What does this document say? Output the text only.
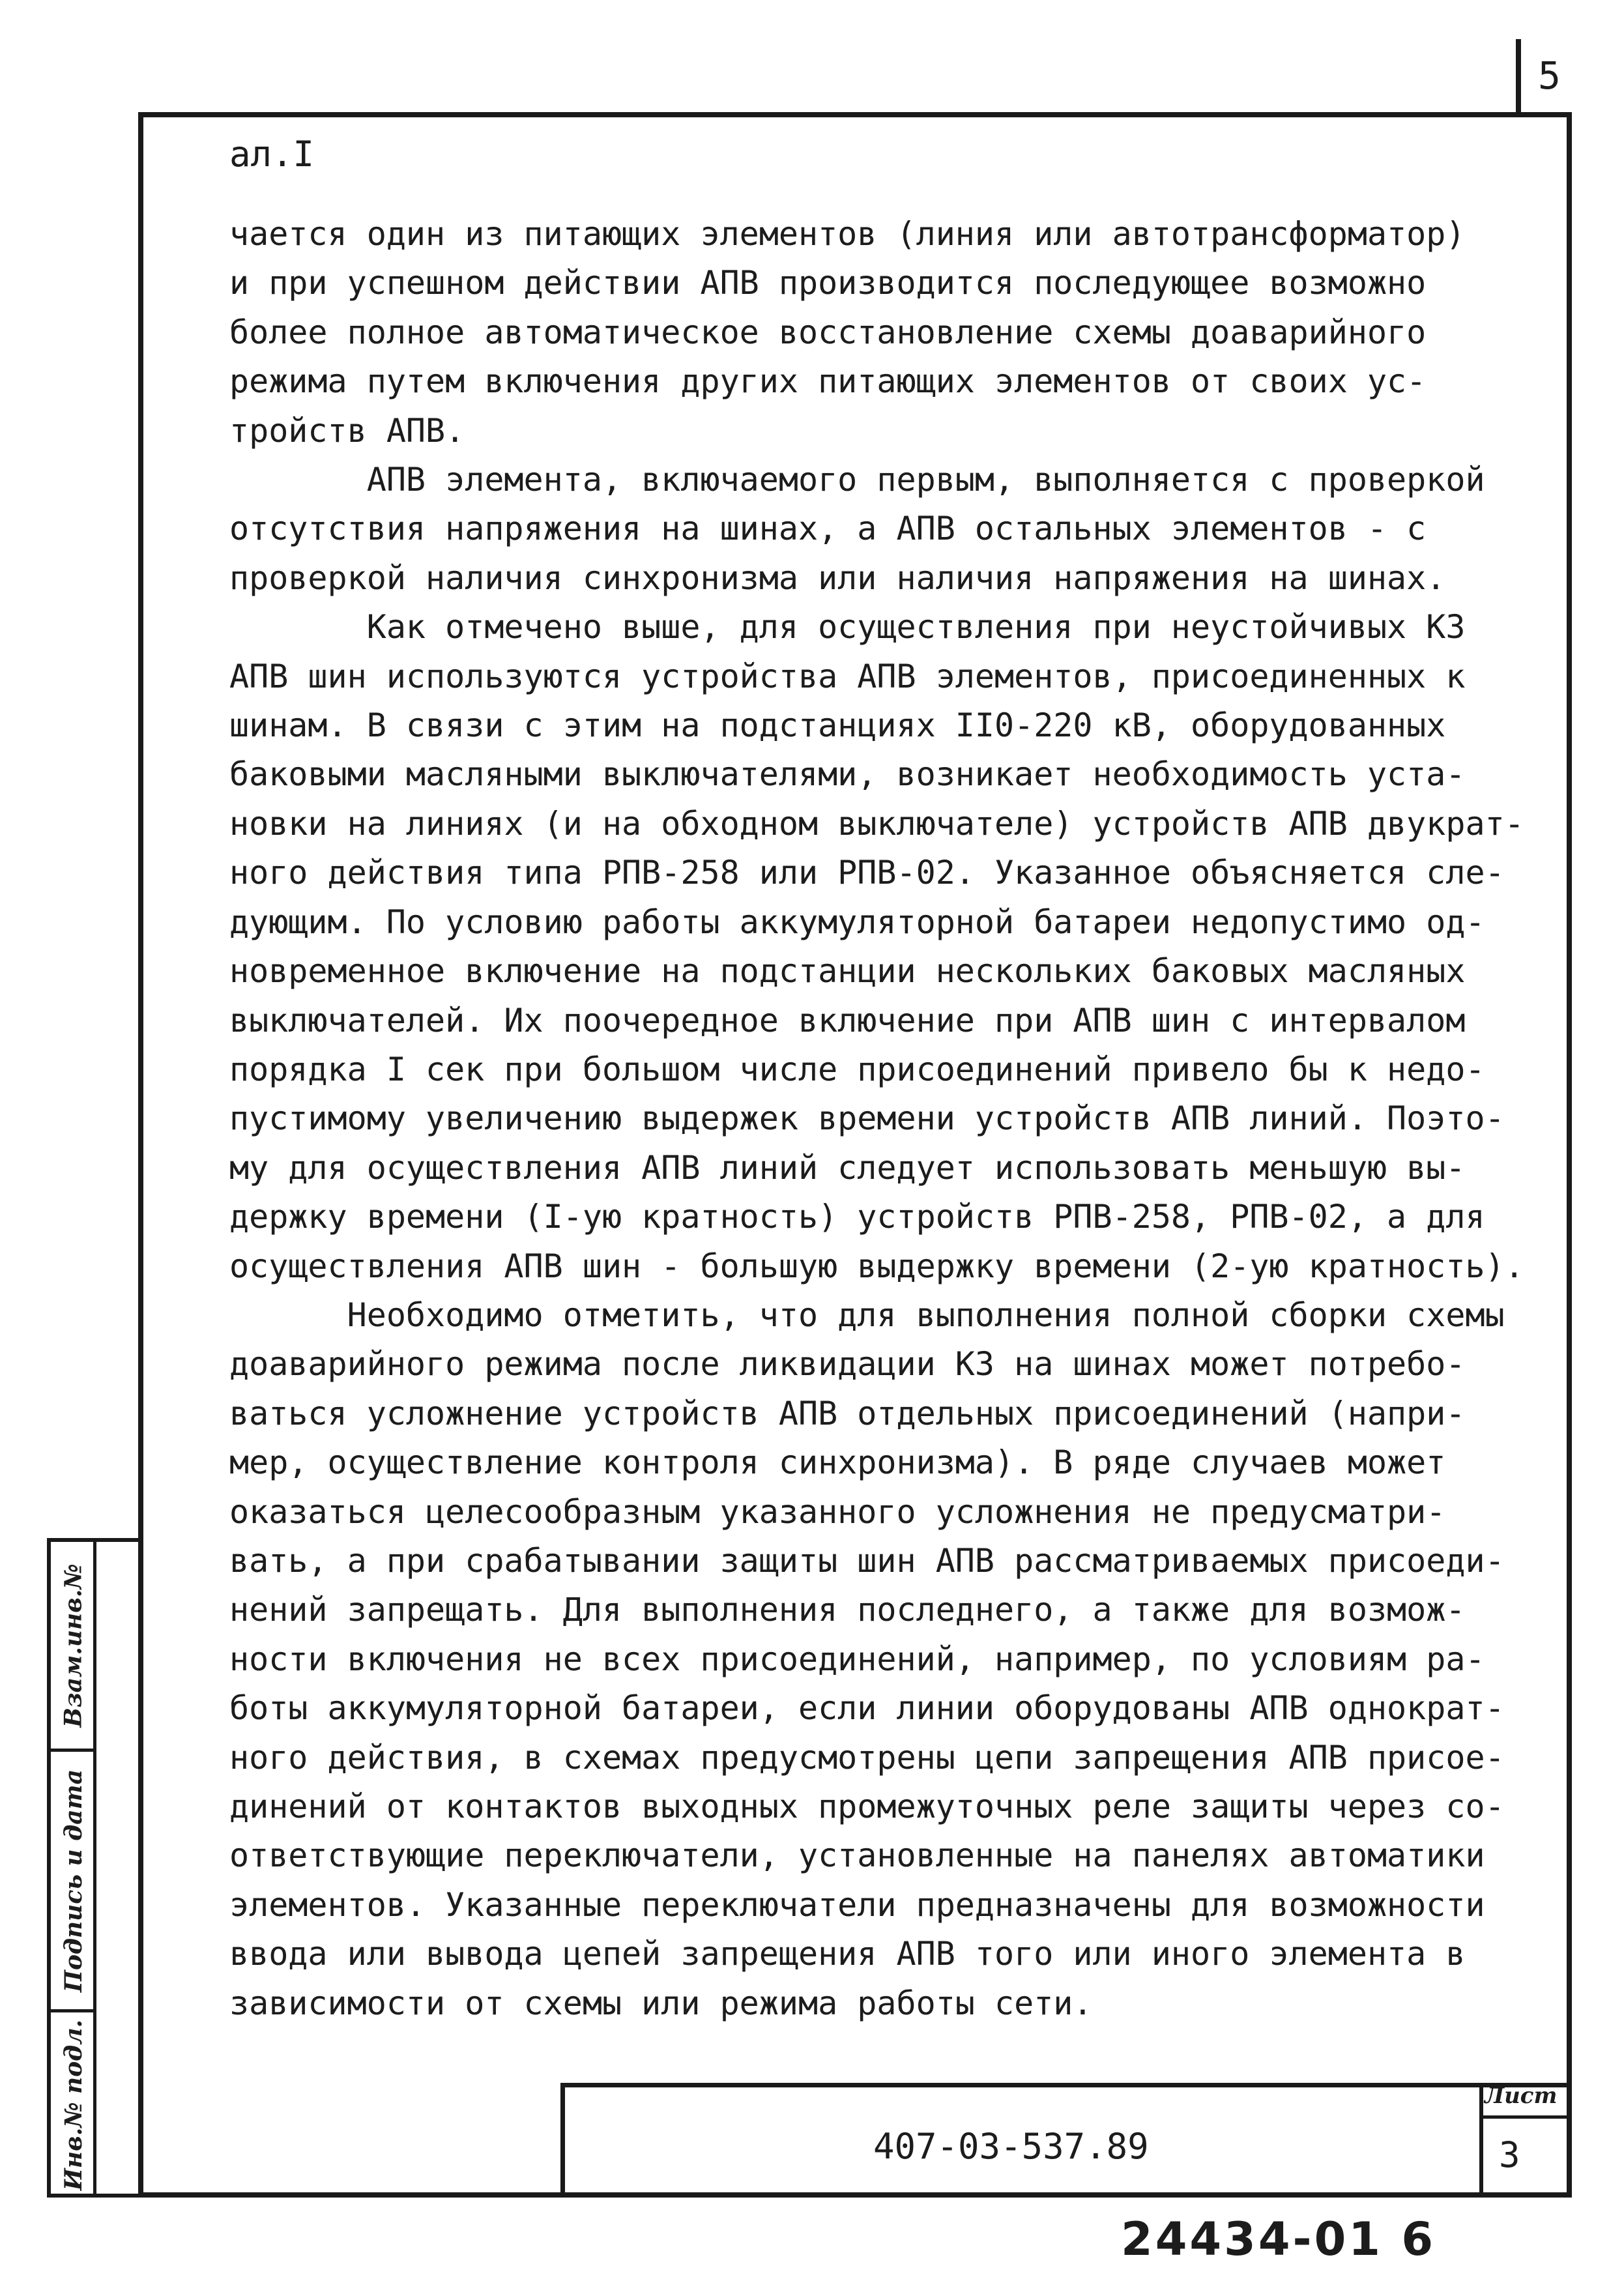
5
ал.I
чается один из питающих элементов (линия или автотрансформатор)
и при успешном действии АПВ производится последующее возможно
более полное автоматическое восстановление схемы доаварийного
режима путем включения других питающих элементов от своих ус-
тройств АПВ.
АПВ элемента, включаемого первым, выполняется с проверкой
отсутствия напряжения на шинах, а АПВ остальных элементов - с
проверкой наличия синхронизма или наличия напряжения на шинах.
Как отмечено выше, для осуществления при неустойчивых КЗ
АПВ шин используются устройства АПВ элементов, присоединенных к
шинам. В связи с этим на подстанциях II0-220 кВ, оборудованных
баковыми масляными выключателями, возникает необходимость уста-
новки на линиях (и на обходном выключателе) устройств АПВ двукрат-
ного действия типа РПВ-258 или РПВ-02. Указанное объясняется сле-
дующим. По условию работы аккумуляторной батареи недопустимо од-
новременное включение на подстанции нескольких баковых масляных
выключателей. Их поочередное включение при АПВ шин с интервалом
порядка I сек при большом числе присоединений привело бы к недо-
пустимому увеличению выдержек времени устройств АПВ линий. Поэто-
му для осуществления АПВ линий следует использовать меньшую вы-
держку времени (I-ую кратность) устройств РПВ-258, РПВ-02, а для
осуществления АПВ шин - большую выдержку времени (2-ую кратность).
Необходимо отметить, что для выполнения полной сборки схемы
доаварийного режима после ликвидации КЗ на шинах может потребо-
ваться усложнение устройств АПВ отдельных присоединений (напри-
мер, осуществление контроля синхронизма). В ряде случаев может
оказаться целесообразным указанного усложнения не предусматри-
вать, а при срабатывании защиты шин АПВ рассматриваемых присоеди-
нений запрещать. Для выполнения последнего, а также для возмож-
ности включения не всех присоединений, например, по условиям ра-
боты аккумуляторной батареи, если линии оборудованы АПВ однократ-
ного действия, в схемах предусмотрены цепи запрещения АПВ присое-
динений от контактов выходных промежуточных реле защиты через со-
ответствующие переключатели, установленные на панелях автоматики
элементов. Указанные переключатели предназначены для возможности
ввода или вывода цепей запрещения АПВ того или иного элемента в
зависимости от схемы или режима работы сети.
Взам.инв.№
Подпись и дата
Инв.№ подл.	407-03-537.89
Лист
3
24434-01 6
